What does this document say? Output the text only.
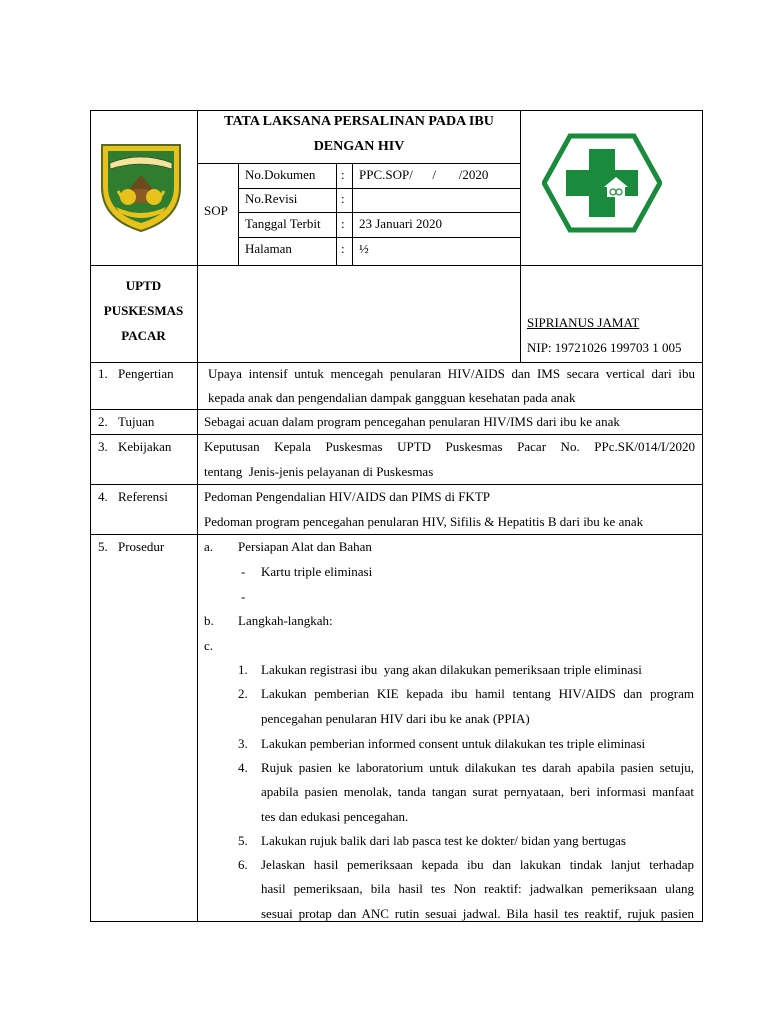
TATA LAKSANA PERSALINAN PADA IBU
DENGAN HIV
SOP
No.Dokumen : PPC.SOP/      /       /2020
No.Revisi	:
Tanggal Terbit : 23 Januari 2020
Halaman	: ½
UPTD
PUSKESMAS
PACAR
SIPRIANUS JAMAT
NIP: 19721026 199703 1 005
1. Pengertian
2. Tujuan
3. Kebijakan
4. Referensi
5. Prosedur
Upaya intensif untuk mencegah penularan HIV/AIDS dan IMS secara vertical dari ibu
kepada anak dan pengendalian dampak gangguan kesehatan pada anak
Sebagai acuan dalam program pencegahan penularan HIV/IMS dari ibu ke anak
Keputusan Kepala Puskesmas UPTD Puskesmas Pacar No. PPc.SK/014/I/2020
tentang  Jenis-jenis pelayanan di Puskesmas
Pedoman Pengendalian HIV/AIDS dan PIMS di FKTP
Pedoman program pencegahan penularan HIV, Sifilis & Hepatitis B dari ibu ke anak
a. Persiapan Alat dan Bahan
- Kartu triple eliminasi
-
b. Langkah-langkah:
c.
1. Lakukan registrasi ibu  yang akan dilakukan pemeriksaan triple eliminasi
2. Lakukan pemberian KIE kepada ibu hamil tentang HIV/AIDS dan program
pencegahan penularan HIV dari ibu ke anak (PPIA)
3. Lakukan pemberian informed consent untuk dilakukan tes triple eliminasi
4. Rujuk pasien ke laboratorium untuk dilakukan tes darah apabila pasien setuju,
apabila pasien menolak, tanda tangan surat pernyataan, beri informasi manfaat
tes dan edukasi pencegahan.
5. Lakukan rujuk balik dari lab pasca test ke dokter/ bidan yang bertugas
6. Jelaskan hasil pemeriksaan kepada ibu dan lakukan tindak lanjut terhadap
hasil pemeriksaan, bila hasil tes Non reaktif: jadwalkan pemeriksaan ulang
sesuai protap dan ANC rutin sesuai jadwal. Bila hasil tes reaktif, rujuk pasien
